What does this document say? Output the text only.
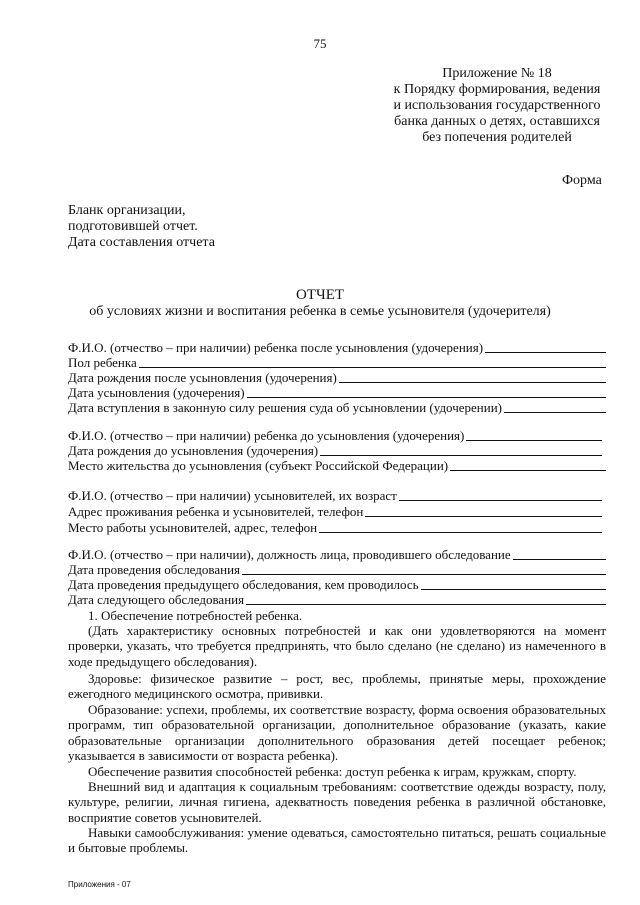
75
Приложение № 18
к Порядку формирования, ведения
и использования государственного
банка данных о детях, оставшихся
без попечения родителей
Форма
Бланк организации,
подготовившей отчет.
Дата составления отчета
ОТЧЕТ
об условиях жизни и воспитания ребенка в семье усыновителя (удочерителя)
Ф.И.О. (отчество – при наличии) ребенка после усыновления (удочерения)
Пол ребенка
Дата рождения после усыновления (удочерения)
Дата усыновления (удочерения)
Дата вступления в законную силу решения суда об усыновлении (удочерении)
Ф.И.О. (отчество – при наличии) ребенка до усыновления (удочерения)
Дата рождения до усыновления (удочерения)
Место жительства до усыновления (субъект Российской Федерации)
Ф.И.О. (отчество – при наличии) усыновителей, их возраст
Адрес проживания ребенка и усыновителей, телефон
Место работы усыновителей, адрес, телефон
Ф.И.О. (отчество – при наличии), должность лица, проводившего обследование
Дата проведения обследования
Дата проведения предыдущего обследования, кем проводилось
Дата следующего обследования
1. Обеспечение потребностей ребенка.
(Дать характеристику основных потребностей и как они удовлетворяются на момент проверки, указать, что требуется предпринять, что было сделано (не сделано) из намеченного в ходе предыдущего обследования).
Здоровье: физическое развитие – рост, вес, проблемы, принятые меры, прохождение ежегодного медицинского осмотра, прививки.
Образование: успехи, проблемы, их соответствие возрасту, форма освоения образовательных программ, тип образовательной организации, дополнительное образование (указать, какие образовательные организации дополнительного образования детей посещает ребенок; указывается в зависимости от возраста ребенка).
Обеспечение развития способностей ребенка: доступ ребенка к играм, кружкам, спорту.
Внешний вид и адаптация к социальным требованиям: соответствие одежды возрасту, полу, культуре, религии, личная гигиена, адекватность поведения ребенка в различной обстановке, восприятие советов усыновителей.
Навыки самообслуживания: умение одеваться, самостоятельно питаться, решать социальные и бытовые проблемы.
Приложения - 07
